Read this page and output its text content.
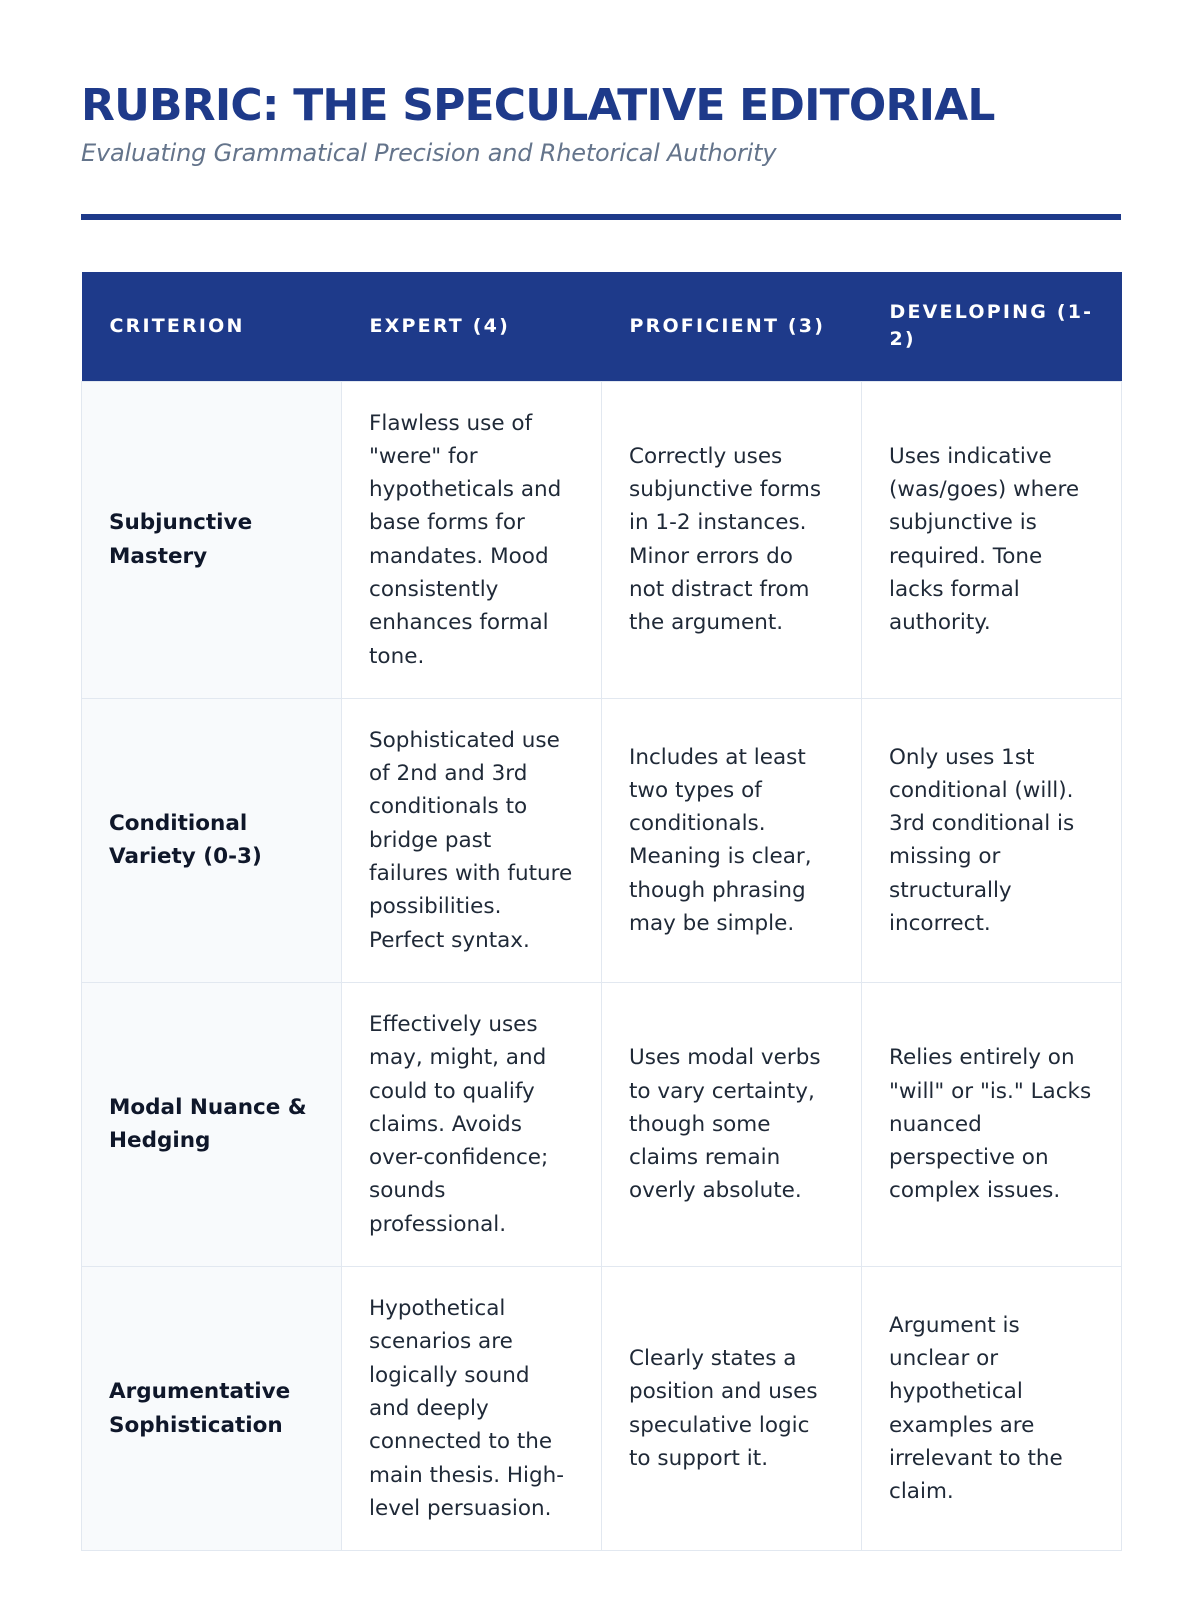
RUBRIC: THE SPECULATIVE EDITORIAL

Evaluating Grammatical Precision and Rhetorical Authority

CRITERION	EXPERT (4)	PROFICIENT (3)	DEVELOPING (1-2)
Subjunctive Mastery	Flawless use of "were" for hypotheticals and base forms for mandates. Mood consistently enhances formal tone.	Correctly uses subjunctive forms in 1-2 instances. Minor errors do not distract from the argument.	Uses indicative (was/goes) where subjunctive is required. Tone lacks formal authority.
Conditional Variety (0-3)	Sophisticated use of 2nd and 3rd conditionals to bridge past failures with future possibilities. Perfect syntax.	Includes at least two types of conditionals. Meaning is clear, though phrasing may be simple.	Only uses 1st conditional (will). 3rd conditional is missing or structurally incorrect.
Modal Nuance & Hedging	Effectively uses may, might, and could to qualify claims. Avoids over-confidence; sounds professional.	Uses modal verbs to vary certainty, though some claims remain overly absolute.	Relies entirely on "will" or "is." Lacks nuanced perspective on complex issues.
Argumentative Sophistication	Hypothetical scenarios are logically sound and deeply connected to the main thesis. High-level persuasion.	Clearly states a position and uses speculative logic to support it.	Argument is unclear or hypothetical examples are irrelevant to the claim.
